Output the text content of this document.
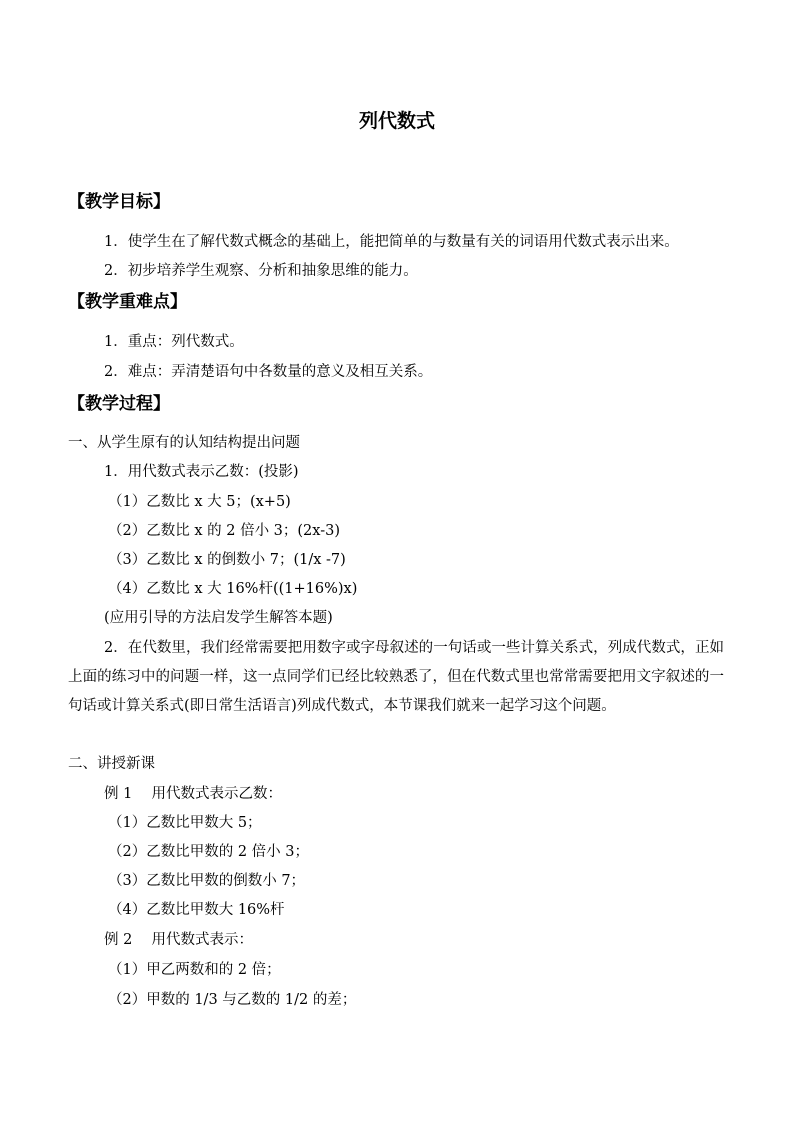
列代数式
【教学目标】
1．使学生在了解代数式概念的基础上，能把简单的与数量有关的词语用代数式表示出来。
2．初步培养学生观察、分析和抽象思维的能力。
【教学重难点】
1．重点：列代数式。
2．难点：弄清楚语句中各数量的意义及相互关系。
【教学过程】
一、从学生原有的认知结构提出问题
1．用代数式表示乙数：(投影)
（1）乙数比 x 大 5；(x+5)
（2）乙数比 x 的 2 倍小 3；(2x-3)
（3）乙数比 x 的倒数小 7；(1/x -7)
（4）乙数比 x 大 16%杆((1+16%)x)
(应用引导的方法启发学生解答本题)
2．在代数里，我们经常需要把用数字或字母叙述的一句话或一些计算关系式，列成代数式，正如上面的练习中的问题一样，这一点同学们已经比较熟悉了，但在代数式里也常常需要把用文字叙述的一句话或计算关系式(即日常生活语言)列成代数式，本节课我们就来一起学习这个问题。
二、讲授新课
例 1　 用代数式表示乙数：
（1）乙数比甲数大 5；
（2）乙数比甲数的 2 倍小 3；
（3）乙数比甲数的倒数小 7；
（4）乙数比甲数大 16%杆
例 2　 用代数式表示：
（1）甲乙两数和的 2 倍；
（2）甲数的 1/3 与乙数的 1/2 的差；
